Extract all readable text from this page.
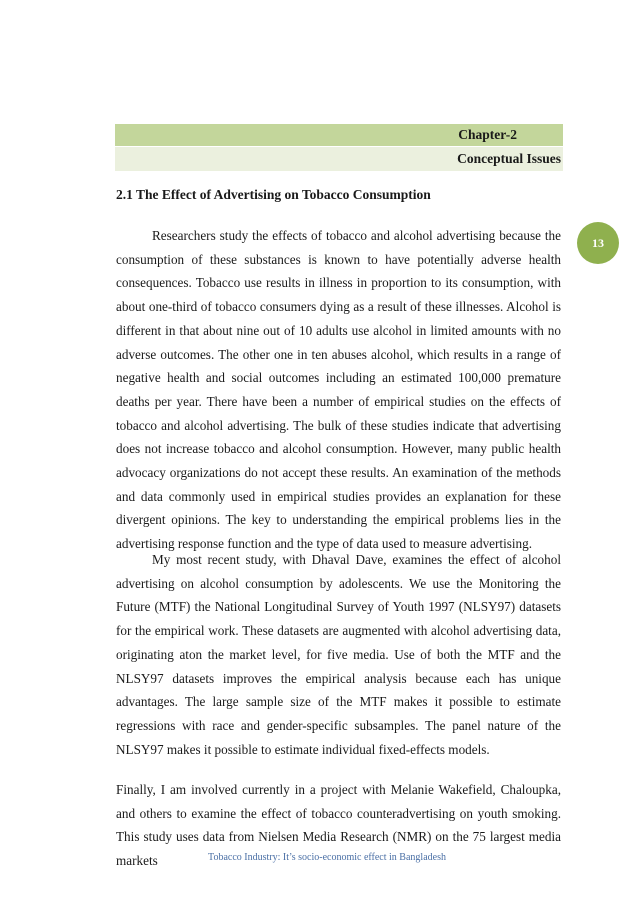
Chapter-2
Conceptual Issues
13
2.1 The Effect of Advertising on Tobacco Consumption

Researchers study the effects of tobacco and alcohol advertising because the consumption of these substances is known to have potentially adverse health consequences. Tobacco use results in illness in proportion to its consumption, with about one-third of tobacco consumers dying as a result of these illnesses. Alcohol is different in that about nine out of 10 adults use alcohol in limited amounts with no adverse outcomes. The other one in ten abuses alcohol, which results in a range of negative health and social outcomes including an estimated 100,000 premature deaths per year. There have been a number of empirical studies on the effects of tobacco and alcohol advertising. The bulk of these studies indicate that advertising does not increase tobacco and alcohol consumption. However, many public health advocacy organizations do not accept these results. An examination of the methods and data commonly used in empirical studies provides an explanation for these divergent opinions. The key to understanding the empirical problems lies in the advertising response function and the type of data used to measure advertising.

My most recent study, with Dhaval Dave, examines the effect of alcohol advertising on alcohol consumption by adolescents. We use the Monitoring the Future (MTF) the National Longitudinal Survey of Youth 1997 (NLSY97) datasets for the empirical work. These datasets are augmented with alcohol advertising data, originating aton the market level, for five media. Use of both the MTF and the NLSY97 datasets improves the empirical analysis because each has unique advantages. The large sample size of the MTF makes it possible to estimate regressions with race and gender-specific subsamples. The panel nature of the NLSY97 makes it possible to estimate individual fixed-effects models.

Finally, I am involved currently in a project with Melanie Wakefield, Chaloupka, and others to examine the effect of tobacco counteradvertising on youth smoking. This study uses data from Nielsen Media Research (NMR) on the 75 largest media markets	Tobacco Industry: It’s socio-economic effect in Bangladesh
